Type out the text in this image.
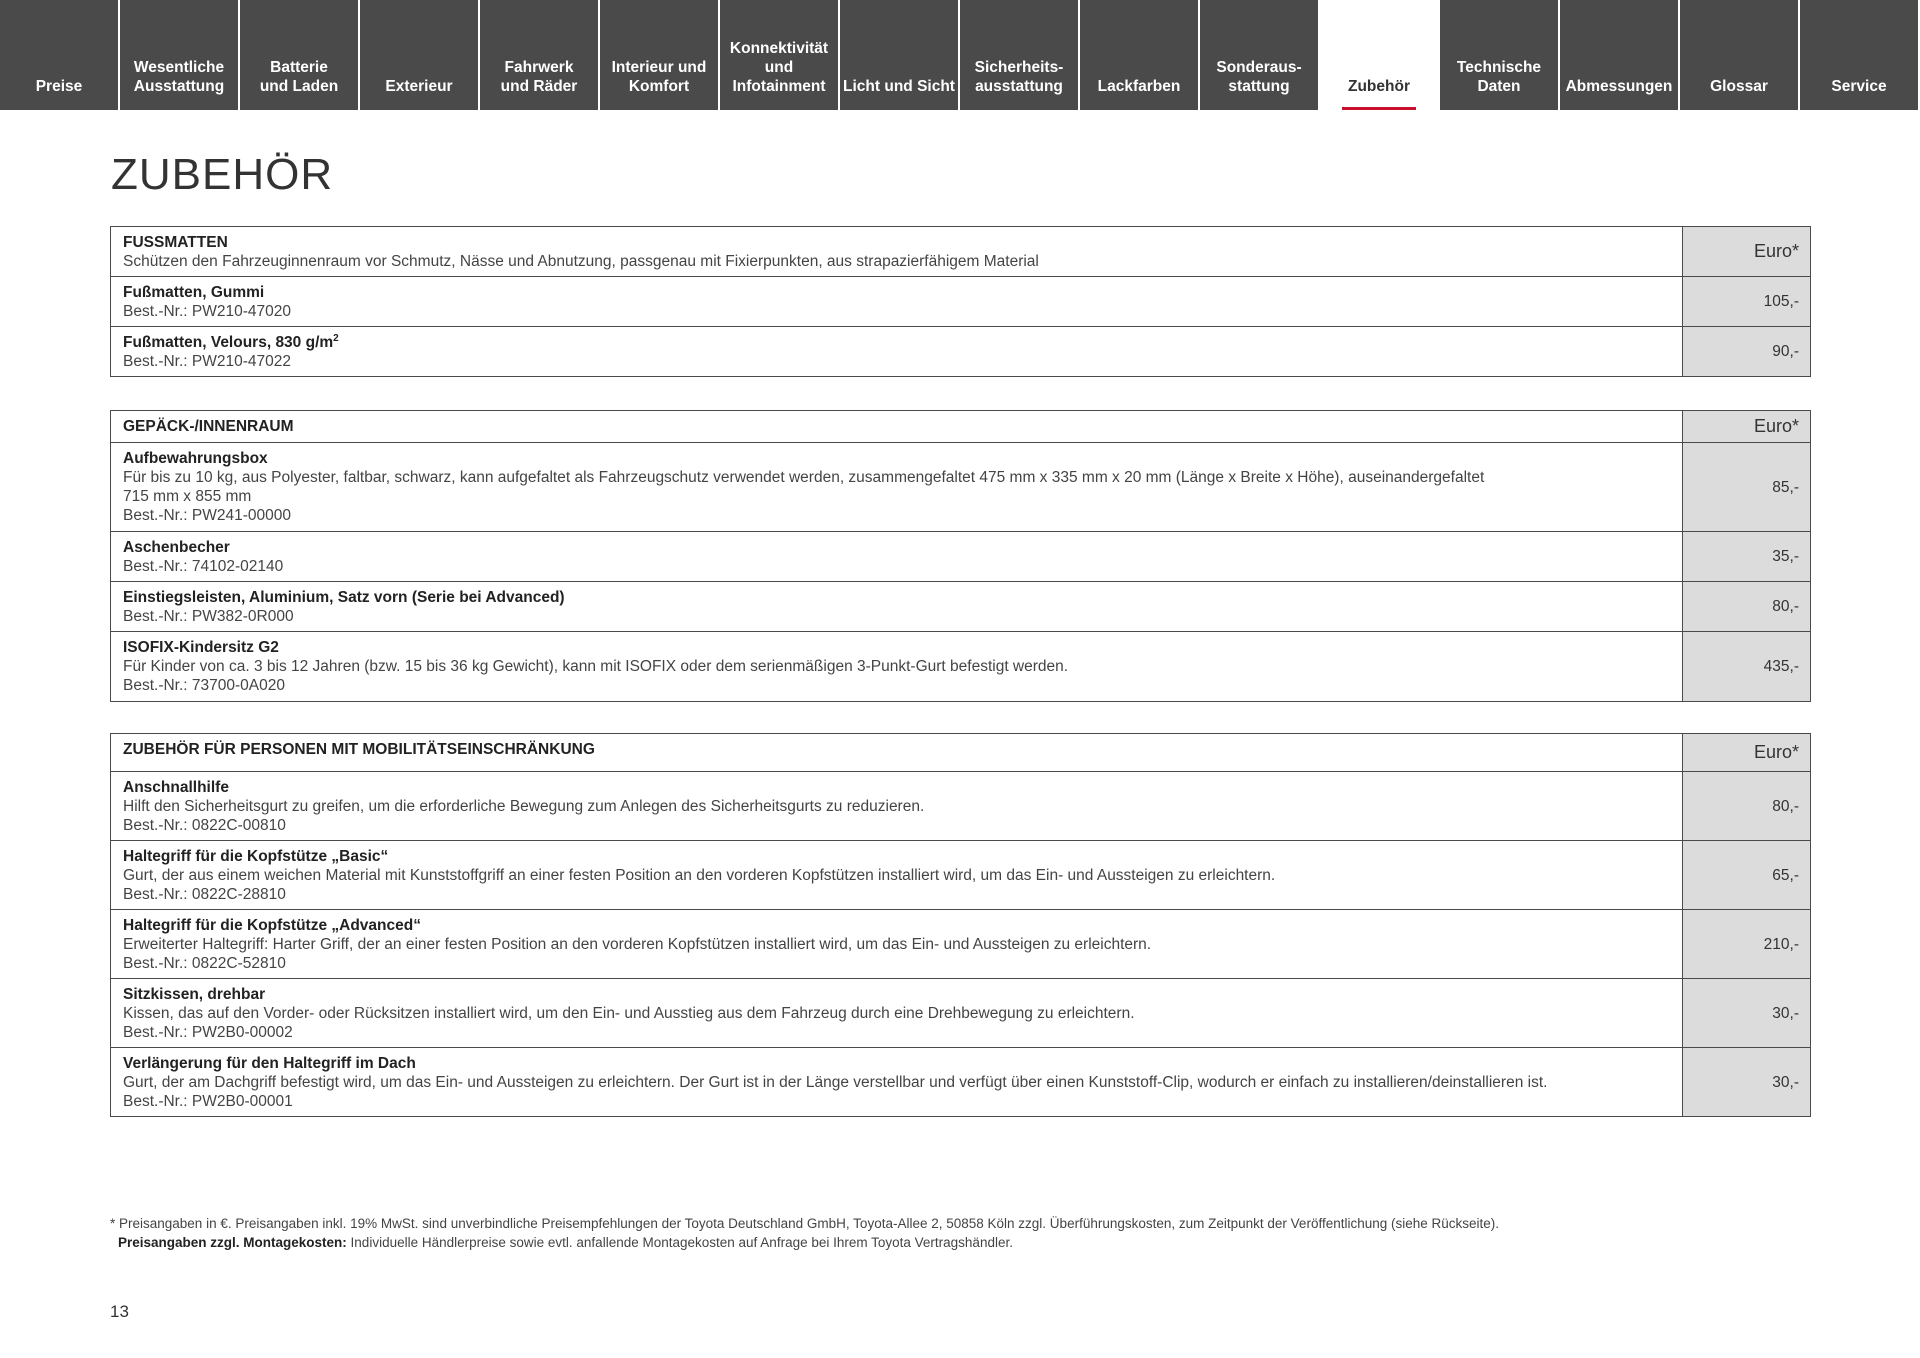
Preise
Wesentliche
Ausstattung
Batterie
und Laden	Exterieur
Fahrwerk
und Räder
Interieur und
Komfort
Konnektivität
und
Infotainment	Licht und Sicht
Sicherheits-
ausstattung	Lackfarben
Sonderaus-
stattung	Zubehör
Technische
Daten	Abmessungen	Glossar	Service
ZUBEHÖR
FUSSMATTEN
Schützen den Fahrzeuginnenraum vor Schmutz, Nässe und Abnutzung, passgenau mit Fixierpunkten, aus strapazierfähigem Material	Euro*

Fußmatten, Gummi
Best.-Nr.: PW210-47020	105,-

Fußmatten, Velours, 830 $g/m^2$
Best.-Nr.: PW210-47022	90,-
GEPÄCK-/INNENRAUM	Euro*

Aufbewahrungsbox
Für bis zu 10 kg, aus Polyester, faltbar, schwarz, kann aufgefaltet als Fahrzeugschutz verwendet werden, zusammengefaltet 475 mm x 335 mm x 20 mm (Länge x Breite x Höhe), auseinandergefaltet
715 mm x 855 mm
Best.-Nr.: PW241-00000	85,-

Aschenbecher
Best.-Nr.: 74102-02140	35,-

Einstiegsleisten, Aluminium, Satz vorn (Serie bei Advanced)
Best.-Nr.: PW382-0R000	80,-

ISOFIX-Kindersitz G2
Für Kinder von ca. 3 bis 12 Jahren (bzw. 15 bis 36 kg Gewicht), kann mit ISOFIX oder dem serienmäßigen 3-Punkt-Gurt befestigt werden.
Best.-Nr.: 73700-0A020	435,-
ZUBEHÖR FÜR PERSONEN MIT MOBILITÄTSEINSCHRÄNKUNG	Euro*

Anschnallhilfe
Hilft den Sicherheitsgurt zu greifen, um die erforderliche Bewegung zum Anlegen des Sicherheitsgurts zu reduzieren.
Best.-Nr.: 0822C-00810	80,-

Haltegriff für die Kopfstütze „Basic“
Gurt, der aus einem weichen Material mit Kunststoffgriff an einer festen Position an den vorderen Kopfstützen installiert wird, um das Ein- und Aussteigen zu erleichtern.
Best.-Nr.: 0822C-28810	65,-

Haltegriff für die Kopfstütze „Advanced“
Erweiterter Haltegriff: Harter Griff, der an einer festen Position an den vorderen Kopfstützen installiert wird, um das Ein- und Aussteigen zu erleichtern.
Best.-Nr.: 0822C-52810	210,-

Sitzkissen, drehbar
Kissen, das auf den Vorder- oder Rücksitzen installiert wird, um den Ein- und Ausstieg aus dem Fahrzeug durch eine Drehbewegung zu erleichtern.
Best.-Nr.: PW2B0-00002	30,-

Verlängerung für den Haltegriff im Dach
Gurt, der am Dachgriff befestigt wird, um das Ein- und Aussteigen zu erleichtern. Der Gurt ist in der Länge verstellbar und verfügt über einen Kunststoff-Clip, wodurch er einfach zu installieren/deinstallieren ist.
Best.-Nr.: PW2B0-00001	30,-
* Preisangaben in €. Preisangaben inkl. 19% MwSt. sind unverbindliche Preisempfehlungen der Toyota Deutschland GmbH, Toyota-Allee 2, 50858 Köln zzgl. Überführungskosten, zum Zeitpunkt der Veröffentlichung (siehe Rückseite).
Preisangaben zzgl. Montagekosten: Individuelle Händlerpreise sowie evtl. anfallende Montagekosten auf Anfrage bei Ihrem Toyota Vertragshändler.
13
